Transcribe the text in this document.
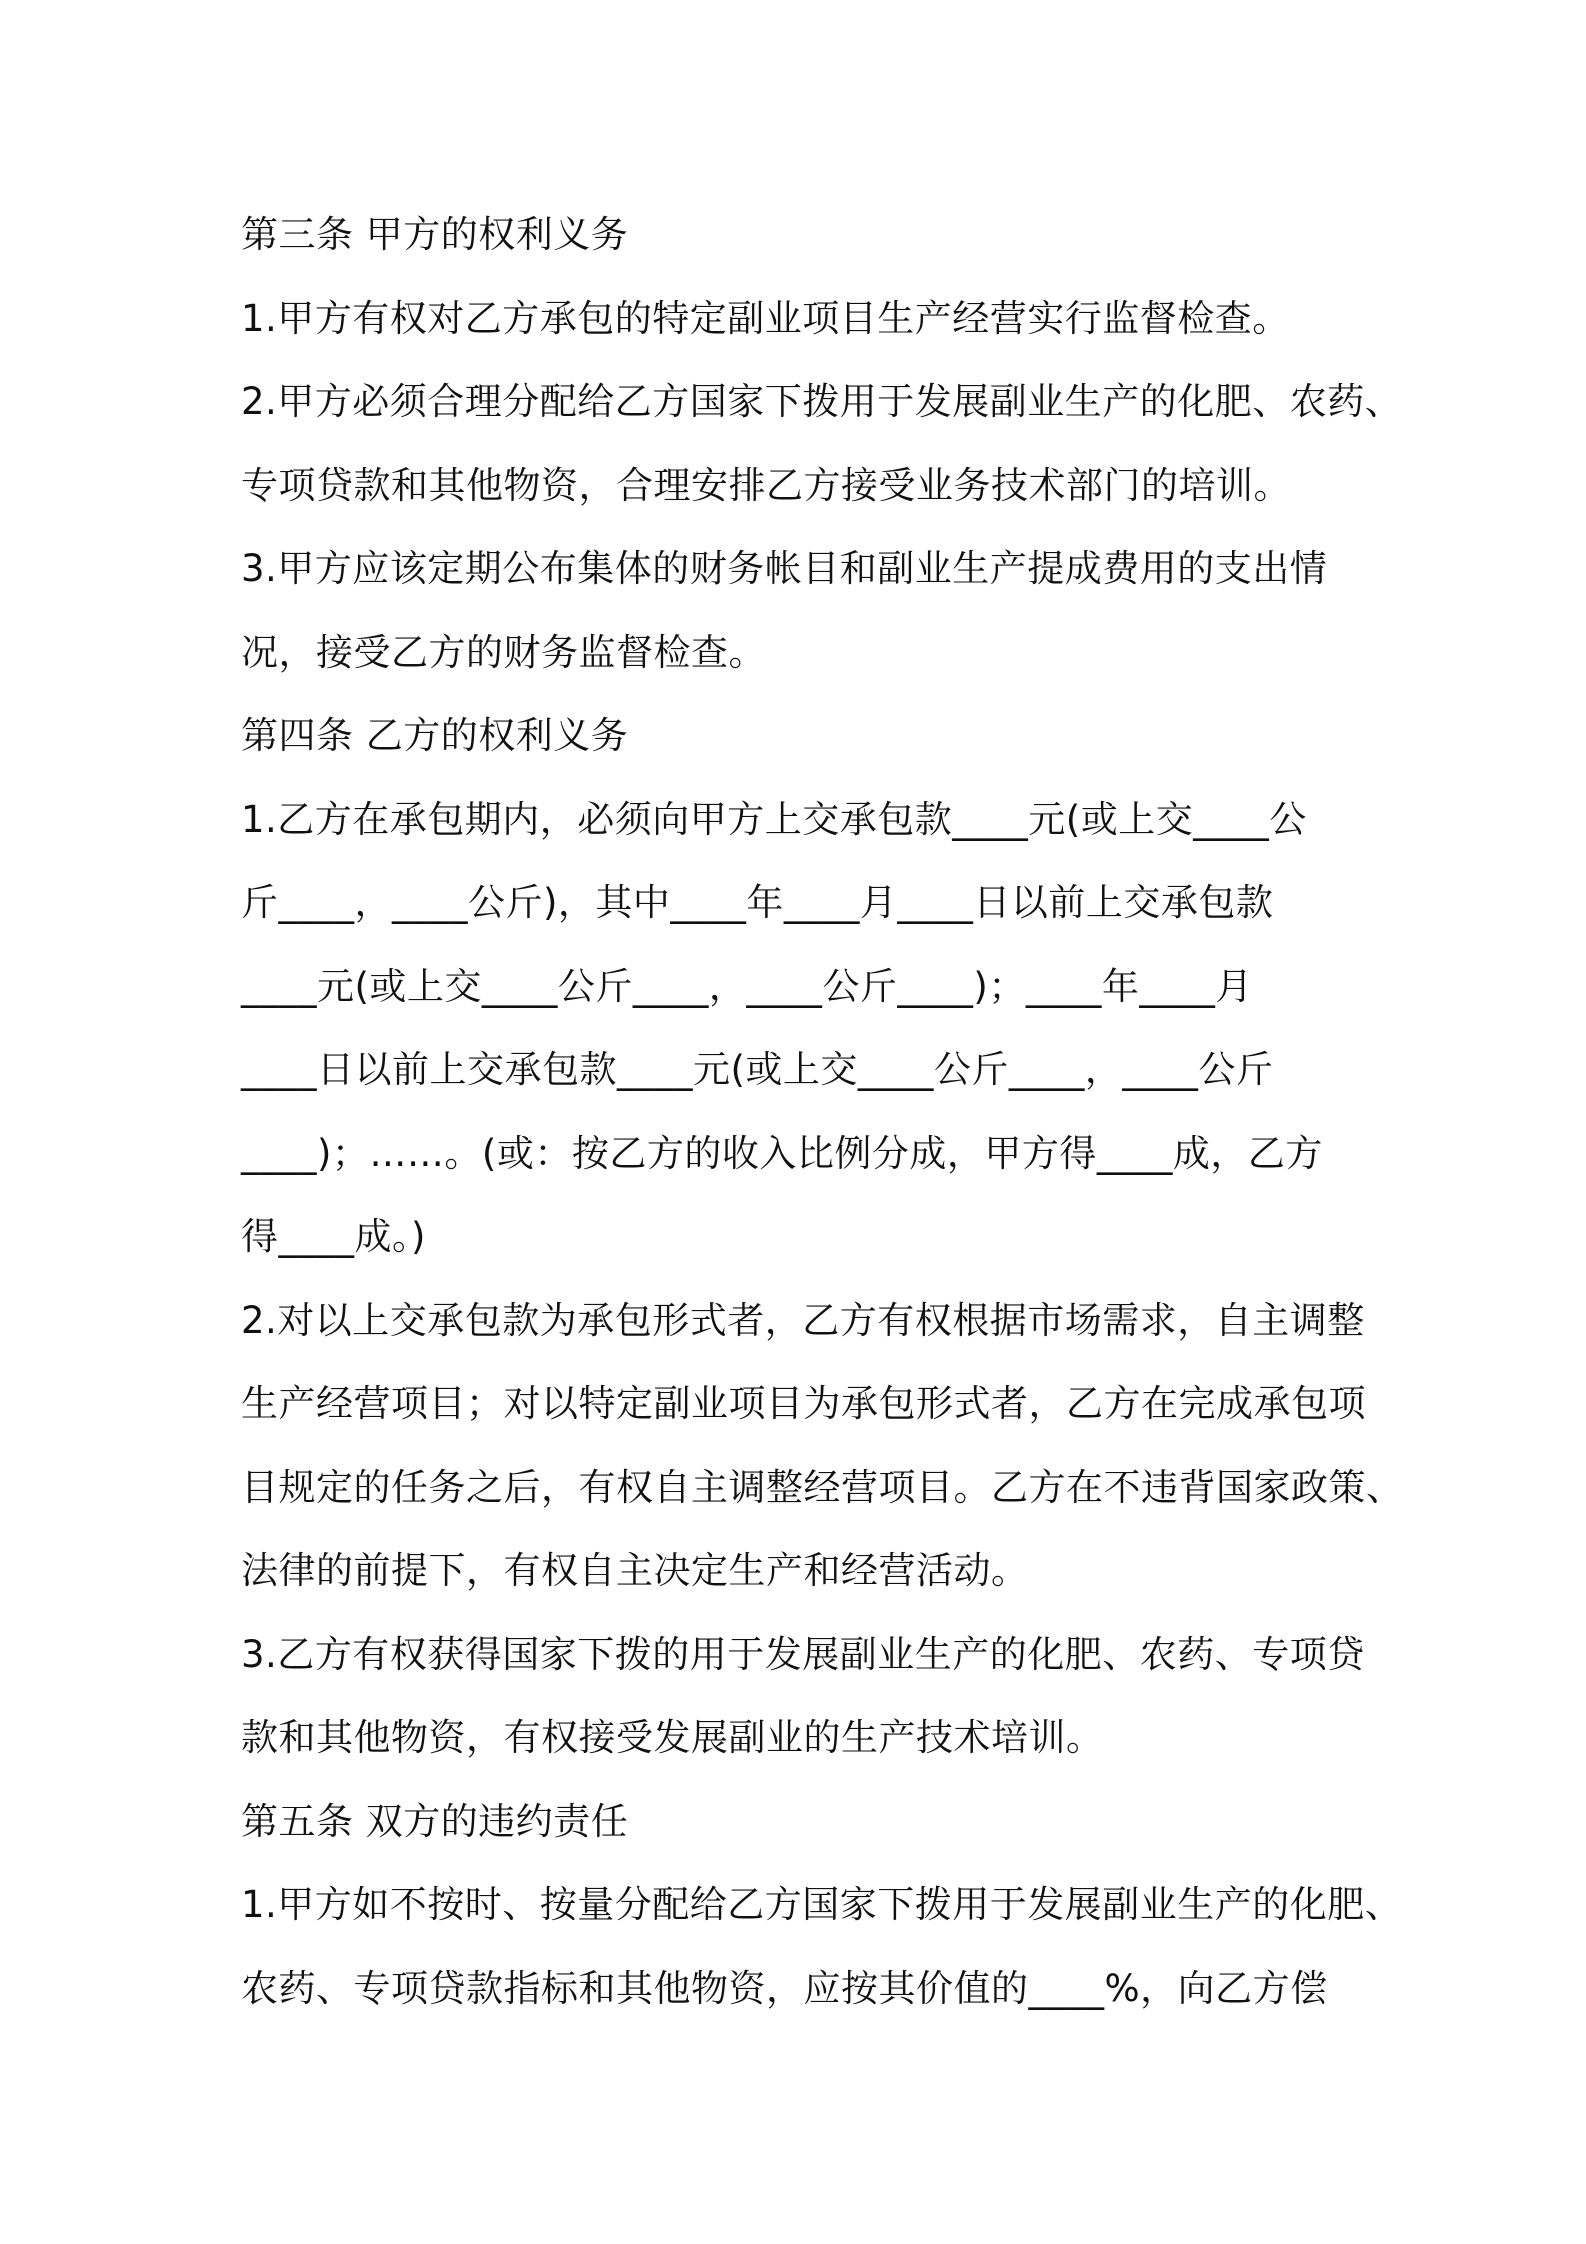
第三条 甲方的权利义务
1.甲方有权对乙方承包的特定副业项目生产经营实行监督检查。
2.甲方必须合理分配给乙方国家下拨用于发展副业生产的化肥、农药、
专项贷款和其他物资，合理安排乙方接受业务技术部门的培训。
3.甲方应该定期公布集体的财务帐目和副业生产提成费用的支出情
况，接受乙方的财务监督检查。
第四条 乙方的权利义务
1.乙方在承包期内，必须向甲方上交承包款____元(或上交____公
斤____，____公斤)，其中____年____月____日以前上交承包款
____元(或上交____公斤____，____公斤____)；____年____月
____日以前上交承包款____元(或上交____公斤____，____公斤
____)；……。(或：按乙方的收入比例分成，甲方得____成，乙方
得____成。)
2.对以上交承包款为承包形式者，乙方有权根据市场需求，自主调整
生产经营项目；对以特定副业项目为承包形式者，乙方在完成承包项
目规定的任务之后，有权自主调整经营项目。乙方在不违背国家政策、
法律的前提下，有权自主决定生产和经营活动。
3.乙方有权获得国家下拨的用于发展副业生产的化肥、农药、专项贷
款和其他物资，有权接受发展副业的生产技术培训。
第五条 双方的违约责任
1.甲方如不按时、按量分配给乙方国家下拨用于发展副业生产的化肥、
农药、专项贷款指标和其他物资，应按其价值的____%，向乙方偿
